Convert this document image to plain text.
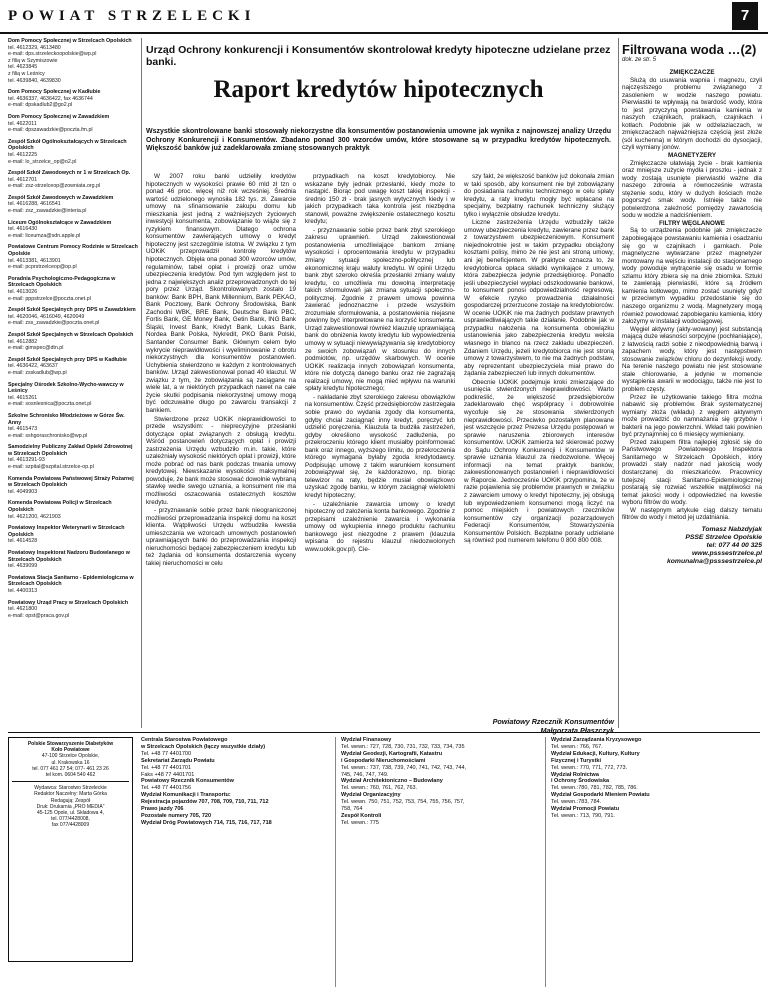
POWIAT STRZELECKI	7
Dom Pomocy Społecznej w Strzelcach Opolskich
tel. 4612329, 4613480
e-mail: dps.strzeleckoopolskie@wp.pl
z filią w Szymiszowie
tel. 4623845
z filią w Leśnicy
tel. 4639840, 4639830
Dom Pomocy Społecznej w Kadłubie
tel. 4636337, 4636422, fax 4636744
e-mail: dpskadlub2@go2.pl
Dom Pomocy Społecznej w Zawadzkiem
tel. 4622011
e-mail: dpszawadzkie@poczta.fm.pl
Zespół Szkół Ogólnokształcących w Strzelcach Opolskich
tel. 4612225
e-mail: lo_strzelce_op@o2.pl
Zespół Szkół Zawodowych nr 1 w Strzelcach Op.
tel. 4612701
e-mail: zsz-strzelceop@zowniata.org.pl
Zespół Szkół Zawodowych w Zawadzkiem
tel. 4616288, 4616541
e-mail: zsz_zawadzkie@interia.pl
Liceum Ogólnokształcące w Zawadzkiem
tel. 4616430
e-mail: liceumza@sdn.apple.pl
Powiatowe Centrum Pomocy Rodzinie w Strzelcach Opolskie
tel. 4613381, 4613901
e-mail: pcprstrzelceop@op.pl
Poradnia Psychologiczno-Pedagogiczna w Strzelcach Opolskich
tel. 4613026
e-mail: pppstrzelce@poczta.onet.pl
Zespół Szkół Specjalnych przy DPS w Zawadzkiem
tel. 4620046, 4616049, 4620049
e-mail: zss_zawadzkie@poczta.onet.pl
Zespół Szkół Specjalnych w Strzelcach Opolskich
tel. 4612882
e-mail: gimspec@dtn.pl
Zespół Szkół Specjalnych przy DPS w Kadłubie
tel. 4636422, 463637
e-mail: zsskadlub@wp.pl
Specjalny Ośrodek Szkolno-Wycho-wawczy w Leśnicy
tel. 4615261
e-mail: sosnlesnica@poczta.onet.pl
Szkolne Schronisko Młodzieżowe w Górze Św. Anny
tel. 4615473
e-mail: sshgoraschronisko@wp.pl
Samodzielny Publiczny Zakład Opieki Zdrowotnej w Strzelcach Opolskich
tel. 4613291-93
e-mail: szpital@szpital.strzelce-op.pl
Komenda Powiatowa Państwowej Straży Pożarnej w Strzelcach Opolskich
tel. 4049903
Komenda Powiatowa Policji w Strzelcach Opolskich
tel. 4621200, 4621903
Powiatowy Inspektor Weterynarii w Strzelcach Opolskich
tel. 4614528
Powiatowy Inspektorat Nadzoru Budowlanego w Strzelcach Opolskich
tel. 4639099
Powiatowa Stacja Sanitarno - Epidemiologiczna w Strzelcach Opolskich
tel. 4400313
Powiatowy Urząd Pracy w Strzelcach Opolskich
tel. 4621800
e-mail: opst@praca.gov.pl
Urząd Ochrony konkurencji i Konsumentów skontrolował kredyty hipoteczne udzielane przez banki.
Raport kredytów hipotecznych
Wszystkie skontrolowane banki stosowały niekorzystne dla konsumentów postanowienia umowne jak wynika z najnowszej analizy Urzędu Ochrony Konkurencji i Konsumentów. Zbadano ponad 300 wzorców umów, które stosowane są w przypadku kredytów hipotecznych. Większość banków już zadeklarowała zmianę stosowanych praktyk

W 2007 roku banki udzieliły kredytów hipotecznych w wysokości prawie 60 mld zł tzn o ponad 46 proc. więcej niż rok wcześniej. Średnia wartość udzielonego wynosiła 182 tys. zł. Zawarcie umowy na sfinansowanie zakupu domu lub mieszkania jest jedną z ważniejszych życiowych inwestycji konsumenta, zobowiązanie to wiąże się z ryzykiem finansowym. Dlatego ochrona konsumentów zawierających umowy o kredyt hipoteczny jest szczególnie istotna. W związku z tym UOKiK przeprowadził kontrolę kredytów hipotecznych. Objęła ona ponad 300 wzorców umów, regulaminów, tabel opłat i prowizji oraz umów ubezpieczenia kredytów. Pod tym względem jest to jedna z największych analiz przeprowadzonych do tej pory przez Urząd. Skontrolowanych zostało 19 banków: Bank BPH, Bank Millennium, Bank PEKAO, Bank Pocztowy, Bank Ochrony Środowiska, Bank Zachodni WBK, BRE Bank, Deutsche Bank PBC, Fortis Bank, GE Money Bank, Getin Bank, ING Bank Śląski, Invest Bank, Kredyt Bank, Lukas Bank, Nordea Bank Polska, Nykredit, PKO Bank Polski, Santander Consumer Bank. Głównym celem było wykrycie nieprawidłowości i wyeliminowanie z obrotu niekorzystnych dla konsumentów postanowień. Uchybienia stwierdzono w każdym z kontrolowanych banków. Urząd zakwestionował ponad 40 klauzul. W związku z tym, że zobowiązania są zaciągane na wiele lat, a w niektórych przypadkach nawet na całe życie skutki podpisania niekorzystnej umowy mogą być odczuwalne długo po zawarciu transakcji z bankiem.

Stwierdzone przez UOKiK nieprawidłowości to przede wszystkim: - nieprecyzyjne przesłanki dotyczące opłat związanych z obsługą kredytu. Wśród postanowień dotyczących opłat i prowizji zastrzeżenia Urzędu wzbudziło m.in. takie, które uzależniały wysokość niektórych opłat i prowizji, które może pobrać od nas bank podczas trwania umowy kredytowej. Niewskazanie wysokości maksymalnej powoduje, że bank może stosować dowolnie wybraną stawkę wedle swego uznania, a konsument nie ma możliwości oszacowania ostatecznych kosztów kredytu.

- przyznawanie sobie przez bank nieograniczonej możliwości przeprowadzania inspekcji domu na koszt klienta. Wątpliwości Urzędu wzbudziła kwestia umieszczania we wzorcach umownych postanowień uprawniających banki do przeprowadzania inspekcji nieruchomości będącej zabezpieczeniem kredytu lub też żądania od konsumenta dostarczenia wyceny takiej nieruchomości w celu

przypadkach na koszt kredytobiorcy. Nie wskazane były jednak przesłanki, kiedy może to nastąpić. Biorąc pod uwagę koszt takiej inspekcji - średnio 150 zł - brak jasnych wytycznych kiedy i w jakich przypadkach taka kontrola jest niezbędna stanowił, poważne zwiększenie ostatecznego kosztu kredytu;

- przyznawanie sobie przez bank zbyt szerokiego zakresu uprawnień. Urząd zakwestionował postanowienia umożliwiające bankom zmianę wysokości i oprocentowania kredytu w przypadku zmiany sytuacji społeczno-politycznej lub ekonomicznej kraju waluty kredytu. W opinii Urzędu bank zbyt szeroko określa przesłanki zmiany waluty kredytu, co umożliwia mu dowolną interpretację takich sformułowań jak zmiana sytuacji społeczno-politycznej. Zgodnie z prawem umowa powinna zawierać jednoznaczne i przede wszystkim zrozumiałe sformułowania, a postanowienia niejasne powinny być interpretowane na korzyść konsumenta. Urząd zakwestionował również klauzulę uprawniającą bank do obniżenia kwoty kredytu lub wypowiedzenia umowy w sytuacji niewywiązywania się kredytobiorcy ze swoich zobowiązań w stosunku do innych podmiotów, np. urzędów skarbowych. W ocenie UOKiK realizacja innych zobowiązań konsumenta, które nie dotyczą danego banku oraz nie zagrażają realizacji umowy, nie mogą mieć wpływu na warunki spłaty kredytu hipotecznego;

- nakładanie zbyt szerokiego zakresu obowiązków na konsumentów. Część przedsiębiorców zastrzegała sobie prawo do wydania zgody dla konsumenta, gdyby chciał zaciągnąć inny kredyt, poręczyć lub udzielić poręczenia. Klauzula ta budziła zastrzeżeń, gdyby określiono wysokość zadłużenia, po przekroczeniu którego klient musiałby poinformować bank oraz innego, wyższego limitu, do przekroczenia którego wymagana byłaby zgoda kredytodawcy. Podpisując umowę z takim warunkiem konsument zobowiązywał się, że każdorazowo, np. biorąc telewizor na raty, będzie musiał obowiązkowo uzyskać zgodę banku, w którym zaciągnął wieloletni kredyt hipoteczny;

- uzależnianie zawarcia umowy o kredyt hipoteczny od założenia konta bankowego. Zgodnie z przepisami uzależnienie zawarcia i wykonania umowy od wykupienia innego produktu rachunku bankowego jest niezgodne z prawem (klauzula wpisana do rejestru klauzul niedozwolonych www.uokik.gov.pl). Cie-

szy fakt, że większość banków już dokonała zmian w taki sposób, aby konsument nie był zobowiązany do posiadania rachunku technicznego w celu spłaty kredytu, a raty kredytu mogły być wpłacane na specjalny, bezpłatny rachunek techniczny służący tylko i wyłącznie obsłudze kredytu.

Liczne zastrzeżenia Urzędu wzbudziły także umowy ubezpieczenia kredytu, zawierane przez bank z towarzystwem ubezpieczeniowym. Konsument niejednokrotnie jest w takim przypadku obciążony kosztami polisy, mimo że nie jest ani stroną umowy, ani jej beneficjentem. W praktyce oznacza to, że kredytobiorca opłaca składki wynikające z umowy, która zabezpiecza jedynie przedsiębiorcę. Ponadto jeśli ubezpieczyciel wypłaci odszkodowanie bankowi, to konsument ponosi odpowiedzialność regresową. W efekcie ryzyko prowadzenia działalności gospodarczej przerzucone zostaje na kredytobiorców. W ocenie UOKiK nie ma żadnych podstaw prawnych usprawiedliwiających takie działanie. Podobnie jak w przypadku nałożenia na konsumenta obowiązku ustanowienia jako zabezpieczenia kredytu weksla własnego in blanco na rzecz zakładu ubezpieczeń. Zdaniem Urzędu, jeżeli kredytobiorca nie jest stroną umowy z towarzystwem, to nie ma żadnych podstaw, aby reprezentant ubezpieczyciela miał prawo do żądania zabezpieczeń lub innych dokumentów.

Obecnie UOKiK podejmuje kroki zmierzające do usunięcia stwierdzonych nieprawidłowości. Warto podkreślić, że większość przedsiębiorców zadeklarowało chęć współpracy i dobrowolnie wycofuje się ze stosowania stwierdzonych nieprawidłowości. Przeciwko pozostałym planowane jest wszczęcie przez Prezesa Urzędu postępowań w sprawie naruszenia zbiorowych interesów konsumentów. UOKiK zamierza też skierować pozwy do Sądu Ochrony Konkurencji i Konsumentów w sprawie uznania klauzul za niedozwolone. Więcej informacji na temat praktyk banków, zakwestionowanych postanowień i nieprawidłowości w Raporcie. Jednocześnie UOKiK przypomina, że w razie pojawienia się problemów prawnych w związku z zawarciem umowy o kredyt hipoteczny, jej obsługą lub wypowiedzeniem konsumenci mogą liczyć na pomoc miejskich i powiatowych rzeczników konsumentów czy organizacji pozarządowych Federacji Konsumentów, Stowarzyszenia Konsumentów Polskich. Bezpłatne porady udzielane są również pod numerem telefonu 0 800 800 008.

Powiatowy Rzecznik Konsumentów
Małgorzata Płaszczyk
Filtrowana woda …(2)
dok. ze str. 5

ZMIĘKCZACZE

Służą do usuwania wapnia i magnezu, czyli najczęstszego problemu związanego z zasoleniem w wodzie naszego powiatu. Pierwiastki te wpływają na twardość wody, która to jest przyczyną powstawania kamienia w naszych czajnikach, pralkach, czajnikach i kotłach. Podobnie jak w odżelaziaczach, w zmiękczaczach najważniejsza częścią jest złoże (sól kuchenna) w którym dochodzi do dysocjacji, czyli wymiany jonów.

MAGNETYZERY

Zmiękczacze ułatwiają życie - brak kamienia oraz mniejsze zużycie mydła i proszku - jednak z wody zostają usunięte pierwiastki ważne dla naszego zdrowia a równocześnie wzrasta stężenie sodu, który w dużych ilościach może pogorszyć smak wody. Istnieje także nie potwierdzona zależność pomiędzy zawartością sodu w wodzie a nadciśnieniem.

FILTRY WĘGLANOWE

Są to urządzenia podobnie jak zmiękczacze zapobiegające powstawaniu kamienia i osadzaniu się go w czajnikach i garnkach. Pole magnetyczne wytwarzane przez magnetyzer montowany na wejściu instalacji do stacjonarnego wody powoduje wytrącenie się osadu w formie szlamu który zbiera się na dnie zbiornika. Sztuki te zawierają pierwiastki, które są źródłem kamienia kotłowego, mimo zostać usunięty gdyż w przeciwnym wypadku przedostanie się do naszego organizmu z wodą. Magnetyzery mogą również powodować zapobieganiu kamienia, który założymy w instalacji wodociągowej.

Węgiel aktywny (akty-wowany) jest substancją mającą duże własności sorpcyjne (pochłaniające), z łatwością radzi sobie z nieodpowiednią barwą i zapachem wody, który jest następstwem stosowanie związków chloru do dezynfekcji wody. Na terenie naszego powiatu nie jest stosowane stałe chlorowanie, a jedynie w momencie wystąpienia awarii w wodociągu, także nie jest to problem częsty.

Przez ile użytkowanie takiego filtra można nabawić się problemów. Brak systematycznej wymiany złoża (wkładu) z węglem aktywnym może prowadzić do namnażania się grzybów i bakterii na jego powierzchni. Wkład taki powinien być przynajmniej co 6 miesięcy wymieniany.

Przed zakupem filtra najlepiej zgłosić się do Państwowego Powiatowego Inspektora Sanitarnego w Strzelcach Opolskich, który prowadzi stały nadzór nad jakością wody dostarczanej do mieszkańców. Pracownicy tutejszej stacji Sanitarno-Epidemiologicznej postarają się rozwiać wszelkie wątpliwości na temat jakości wody i odpowiedzieć na kwestie wyboru filtrów do wody.

W następnym artykule ciąg dalszy tematu filtrów do wody i metod jej uzdatniania.

Tomasz Nabzdyjak
PSSE Strzelce Opolskie
tel: 077 44 00 325
www.psssestrzelce.pl
komunalna@psssestrzelce.pl
Polskie Stowarzyszenie Diabetyków
Koło Powiatowe
47-100 Strzelce Opolskie,
ul. Krakowska 16
tel. 077 461 27 54; 077- 461 23 26
tel kom. 0604 540 462
Wydawca: Starostwo Strzeleckie
Redaktor Naczelny: Marta Górka
Redagują: Zespół
Druk: Drukarnia „PRO MEDIA”
45-125 Opole, ul. Składowa 4,
tel. 077/4428008,
fax 077/4428009
Centrala Starostwa Powiatowego
w Strzelcach Opolskich (łączy wszystkie działy)
Tel. +48 77 4401700
Sekretariat Zarządu Powiatu
Tel. +48 77 4401701
Faks +48 77 4401701
Powiatowy Rzecznik Konsumentów
Tel. +48 77 4401756
Wydział Komunikacji i Transportu:
Rejestracja pojazdów 707, 708, 709, 710, 711, 712
Prawo jazdy 706
Pozostałe numery 705, 720
Wydział Dróg Powiatowych 714, 715, 716, 717, 718
Wydział Finansowy
Tel. wewn.: 727, 728, 730, 731, 732, 733, 734, 735
Wydział Geodezji, Kartografii, Katastru
i Gospodarki Nieruchomościami
Tel. wewn.: 737, 738, 739, 740, 741, 742, 743, 744,
745, 746, 747, 749.
Wydział Architektoniczno – Budowlany
Tel. wewn.: 760, 761, 762, 763.
Wydział Organizacyjny
Tel. wewn. 750, 751, 752, 753, 754, 755, 756, 757,
758, 764
Zespół Kontroli
Tel. wewn.: 775
Wydział Zarządzania Kryzysowego
Tel. wewn.: 766, 767.
Wydział Edukacji, Kultury, Kultury
Fizycznej i Turystki
Tel. wewn.: 770, 771, 772, 773.
Wydział Rolnictwa
i Ochrony Środowiska
Tel. wewn.:780, 781, 782, 785, 786.
Wydział Gospodarki Mieniem Powiatu
Tel. wewn.:783, 784.
Wydział Promocji Powiatu
Tel. wewn.: 713, 790, 791.
